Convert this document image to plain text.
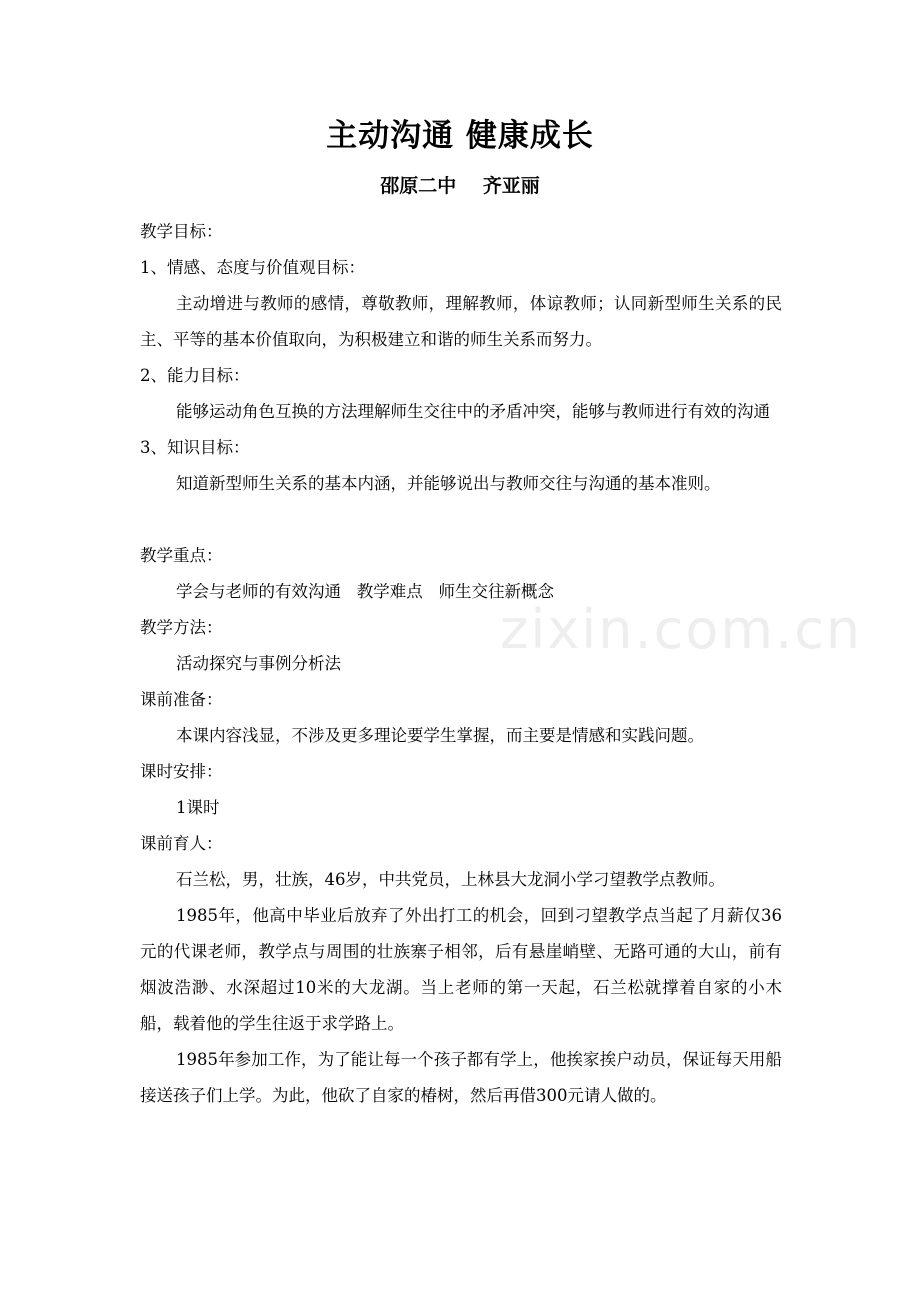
主动沟通 健康成长
邵原二中    齐亚丽

教学目标：

1、情感、态度与价值观目标：

主动增进与教师的感情，尊敬教师，理解教师，体谅教师；认同新型师生关系的民主、平等的基本价值取向，为积极建立和谐的师生关系而努力。

2、能力目标：

能够运动角色互换的方法理解师生交往中的矛盾冲突，能够与教师进行有效的沟通

3、知识目标：

知道新型师生关系的基本内涵，并能够说出与教师交往与沟通的基本准则。

教学重点：

学会与老师的有效沟通   教学难点   师生交往新概念

教学方法：

活动探究与事例分析法

课前准备：

本课内容浅显，不涉及更多理论要学生掌握，而主要是情感和实践问题。

课时安排：

1课时

课前育人：

石兰松，男，壮族，46岁，中共党员，上林县大龙洞小学刁望教学点教师。

1985年，他高中毕业后放弃了外出打工的机会，回到刁望教学点当起了月薪仅36元的代课老师，教学点与周围的壮族寨子相邻，后有悬崖峭壁、无路可通的大山，前有烟波浩渺、水深超过10米的大龙湖。当上老师的第一天起，石兰松就撑着自家的小木船，载着他的学生往返于求学路上。

1985年参加工作，为了能让每一个孩子都有学上，他挨家挨户动员，保证每天用船接送孩子们上学。为此，他砍了自家的椿树，然后再借300元请人做的。

zixin.com.cn
